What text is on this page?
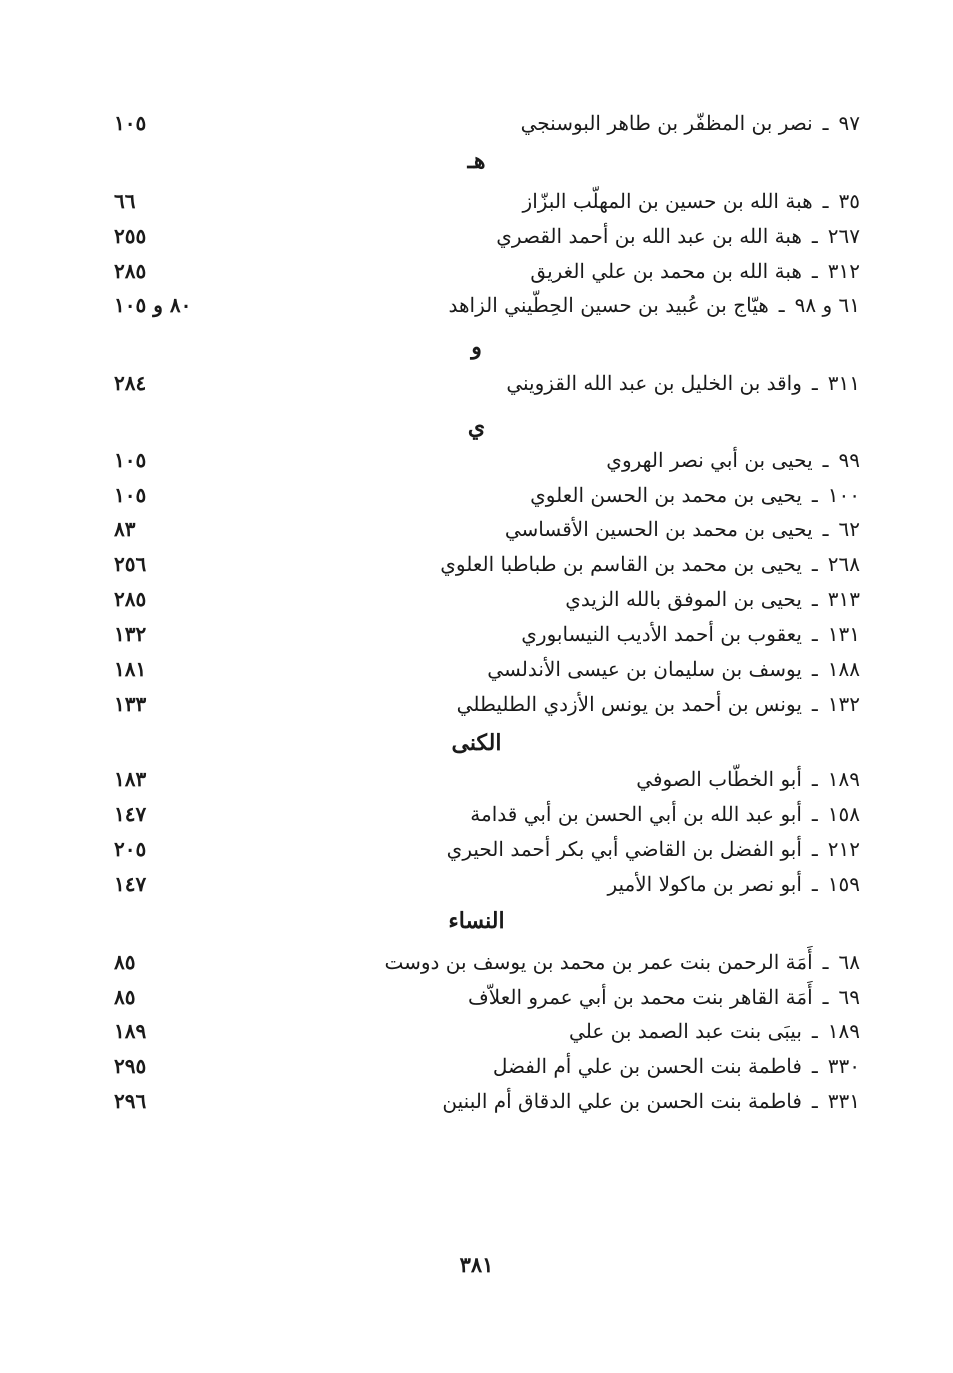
٩٧ـنصر بن المظفّر بن طاهر البوسنجي
١٠٥
هـ
٣٥ـهبة الله بن حسين بن المهلّب البزّاز
٦٦
٢٦٧ـهبة الله بن عبد الله بن أحمد القصري
٢٥٥
٣١٢ـهبة الله بن محمد بن علي الغريق
٢٨٥
٦١ و ٩٨ـهيّاج بن عُبيد بن حسين الحِطّيني الزاهد
٨٠ و ١٠٥
و
٣١١ـواقد بن الخليل بن عبد الله القزويني
٢٨٤
ي
٩٩ـيحيى بن أبي نصر الهروي
١٠٥
١٠٠ـيحيى بن محمد بن الحسن العلوي
١٠٥
٦٢ـيحيى بن محمد بن الحسين الأقساسي
٨٣
٢٦٨ـيحيى بن محمد بن القاسم بن طباطبا العلوي
٢٥٦
٣١٣ـيحيى بن الموفق بالله الزيدي
٢٨٥
١٣١ـيعقوب بن أحمد الأديب النيسابوري
١٣٢
١٨٨ـيوسف بن سليمان بن عيسى الأندلسي
١٨١
١٣٢ـيونس بن أحمد بن يونس الأزدي الطليطلي
١٣٣
الكنى
١٨٩ـأبو الخطّاب الصوفي
١٨٣
١٥٨ـأبو عبد الله بن أبي الحسن بن أبي قدامة
١٤٧
٢١٢ـأبو الفضل بن القاضي أبي بكر أحمد الحيري
٢٠٥
١٥٩ـأبو نصر بن ماكولا الأمير
١٤٧
النساء
٦٨ـأَمَة الرحمن بنت عمر بن محمد بن يوسف بن دوست
٨٥
٦٩ـأَمَة القاهر بنت محمد بن أبي عمرو العلاّف
٨٥
١٨٩ـبيبَى بنت عبد الصمد بن علي
١٨٩
٣٣٠ـفاطمة بنت الحسن بن علي أم الفضل
٢٩٥
٣٣١ـفاطمة بنت الحسن بن علي الدقاق أم البنين
٢٩٦
٣٨١
